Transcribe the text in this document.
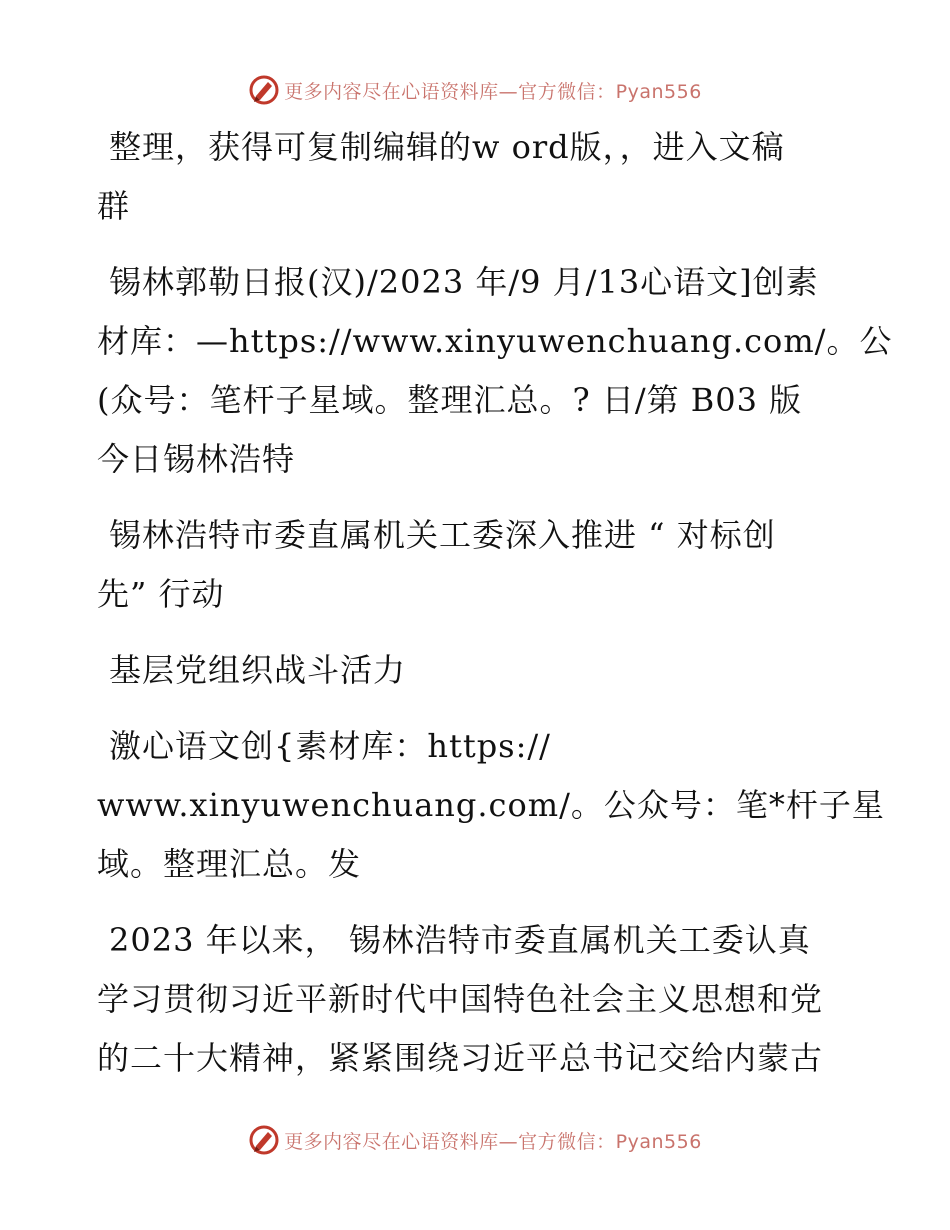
更多内容尽在心语资料库—官方微信：Pyan556

整理，获得可复制编辑的w ord版，，进入文稿
群

锡林郭勒日报(汉)/2023 年/9 月/13心语文]创素
材库：—https://www.xinyuwenchuang.com/。公
(众号：笔杆子星域。整理汇总。? 日/第 B03 版
今日锡林浩特

锡林浩特市委直属机关工委深入推进 “ 对标创
先” 行动

基层党组织战斗活力

激心语文创{素材库：https://
www.xinyuwenchuang.com/。公众号：笔*杆子星
域。整理汇总。发

2023 年以来， 锡林浩特市委直属机关工委认真
学习贯彻习近平新时代中国特色社会主义思想和党
的二十大精神，紧紧围绕习近平总书记交给内蒙古

更多内容尽在心语资料库—官方微信：Pyan556
